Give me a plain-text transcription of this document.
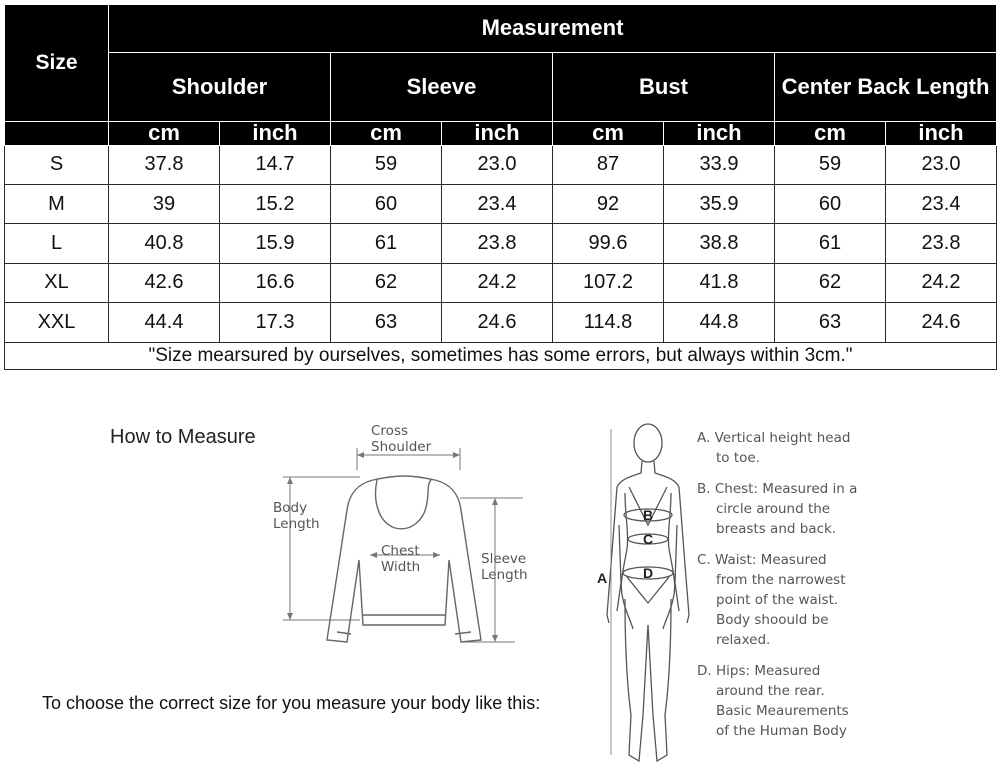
Size	Measurement							
	Shoulder		Sleeve		Bust		Center Back Length	
	cm	inch	cm	inch	cm	inch	cm	inch
S	37.8	14.7	59	23.0	87	33.9	59	23.0
M	39	15.2	60	23.4	92	35.9	60	23.4
L	40.8	15.9	61	23.8	99.6	38.8	61	23.8
XL	42.6	16.6	62	24.2	107.2	41.8	62	24.2
XXL	44.4	17.3	63	24.6	114.8	44.8	63	24.6
"Size mearsured by ourselves, sometimes has some errors, but always within 3cm."								
How to Measure	Cross
Shoulder
Body
Length
Sleeve
Length
Chest
Width
A
B
C
D
A. Vertical height head
to toe.
B. Chest: Measured in a
circle around the
breasts and back.
C. Waist: Measured
from the narrowest
point of the waist.
Body shoould be
relaxed.
D. Hips: Measured
around the rear.
Basic Meaurements
of the Human Body
To choose the correct size for you measure your body like this:
